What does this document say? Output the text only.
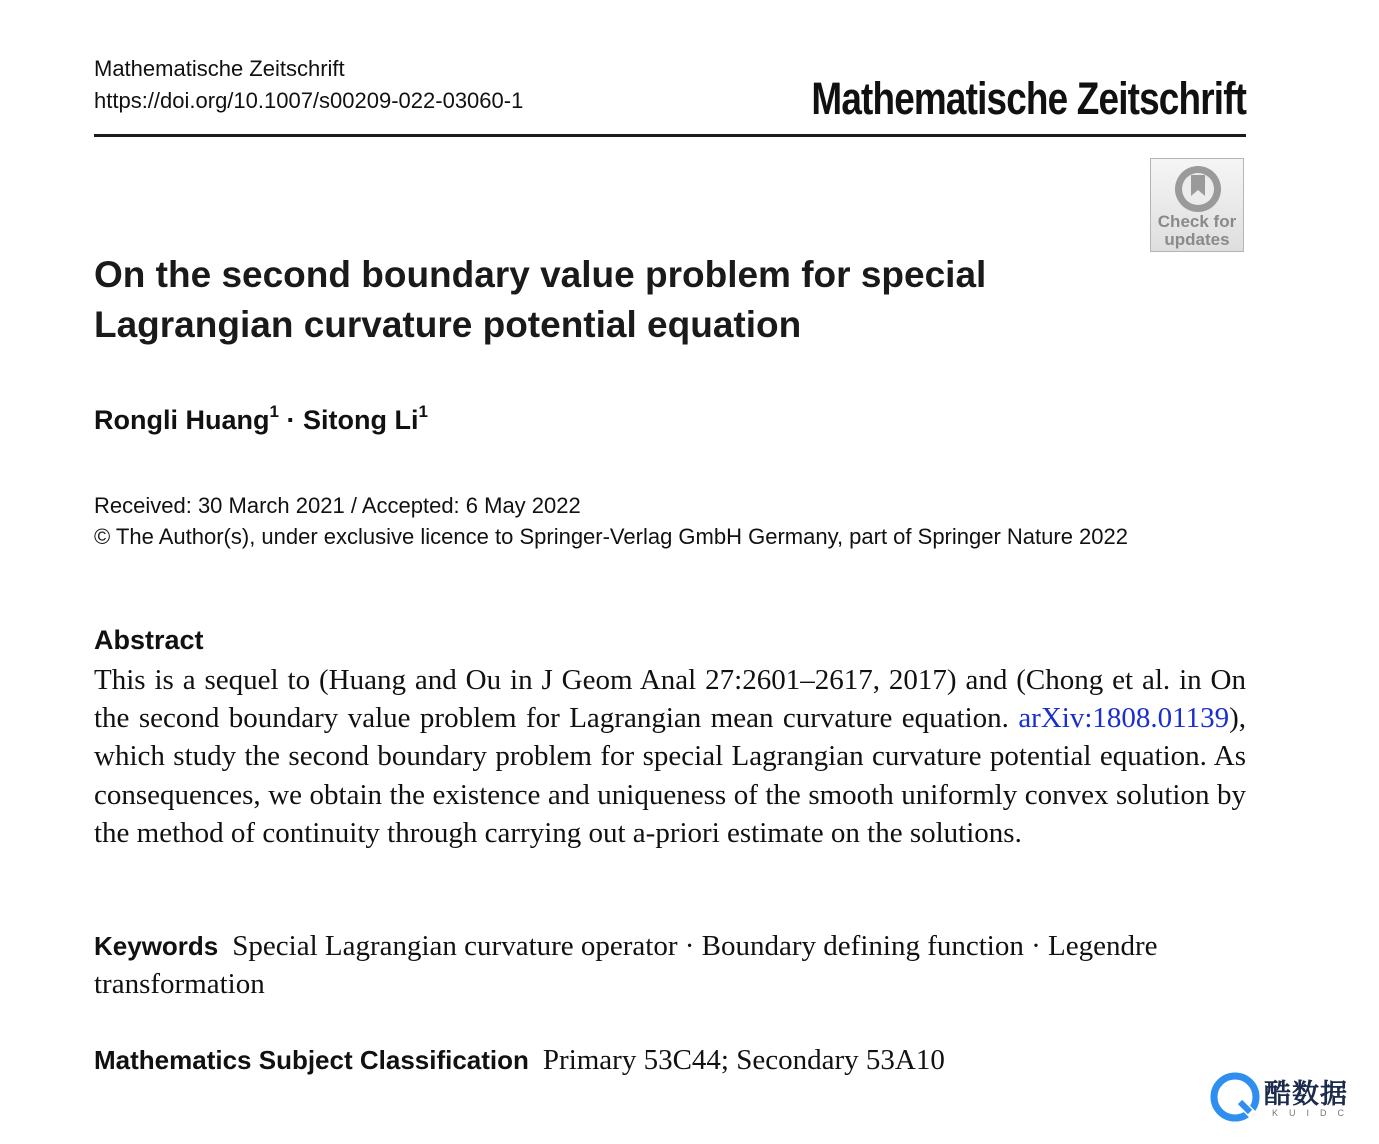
Mathematische Zeitschrift
https://doi.org/10.1007/s00209-022-03060-1	Mathematische Zeitschrift
Check for
updates
On the second boundary value problem for special Lagrangian curvature potential equation
Rongli Huang$^1$ · Sitong Li$^1$
Received: 30 March 2021 / Accepted: 6 May 2022
© The Author(s), under exclusive licence to Springer-Verlag GmbH Germany, part of Springer Nature 2022
Abstract
This is a sequel to (Huang and Ou in J Geom Anal 27:2601–2617, 2017) and (Chong et al. in On the second boundary value problem for Lagrangian mean curvature equation. arXiv:1808.01139), which study the second boundary problem for special Lagrangian curvature potential equation. As consequences, we obtain the existence and uniqueness of the smooth uniformly convex solution by the method of continuity through carrying out a-priori estimate on the solutions.
Keywords Special Lagrangian curvature operator · Boundary defining function · Legendre transformation
Mathematics Subject Classification Primary 53C44; Secondary 53A10
酷数据
KUIDC
